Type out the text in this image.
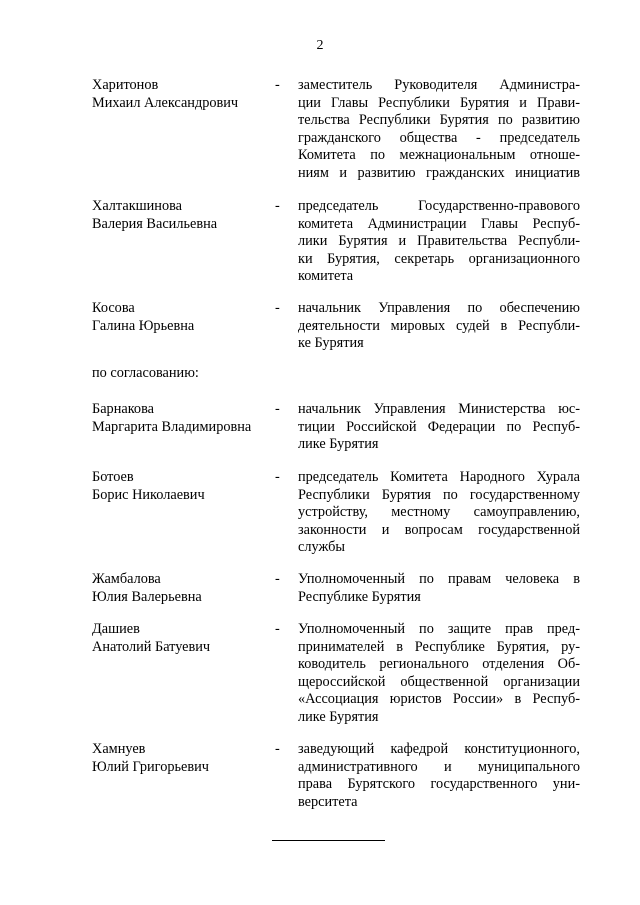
2
Харитонов
Михаил Александрович
- заместитель Руководителя Администра-
ции Главы Республики Бурятия и Прави-
тельства Республики Бурятия по развитию
гражданского общества - председатель
Комитета по межнациональным отноше-
ниям и развитию гражданских инициатив
Халтакшинова
Валерия Васильевна
- председатель Государственно-правового
комитета Администрации Главы Респуб-
лики Бурятия и Правительства Республи-
ки Бурятия, секретарь организационного
комитета
Косова
Галина Юрьевна
- начальник Управления по обеспечению
деятельности мировых судей в Республи-
ке Бурятия
по согласованию:
Барнакова
Маргарита Владимировна
- начальник Управления Министерства юс-
тиции Российской Федерации по Респуб-
лике Бурятия
Ботоев
Борис Николаевич
- председатель Комитета Народного Хурала
Республики Бурятия по государственному
устройству, местному самоуправлению,
законности и вопросам государственной
службы
Жамбалова
Юлия Валерьевна
- Уполномоченный по правам человека в
Республике Бурятия
Дашиев
Анатолий Батуевич
- Уполномоченный по защите прав пред-
принимателей в Республике Бурятия, ру-
ководитель регионального отделения Об-
щероссийской общественной организации
«Ассоциация юристов России» в Респуб-
лике Бурятия
Хамнуев
Юлий Григорьевич
- заведующий кафедрой конституционного,
административного и муниципального
права Бурятского государственного уни-
верситета
